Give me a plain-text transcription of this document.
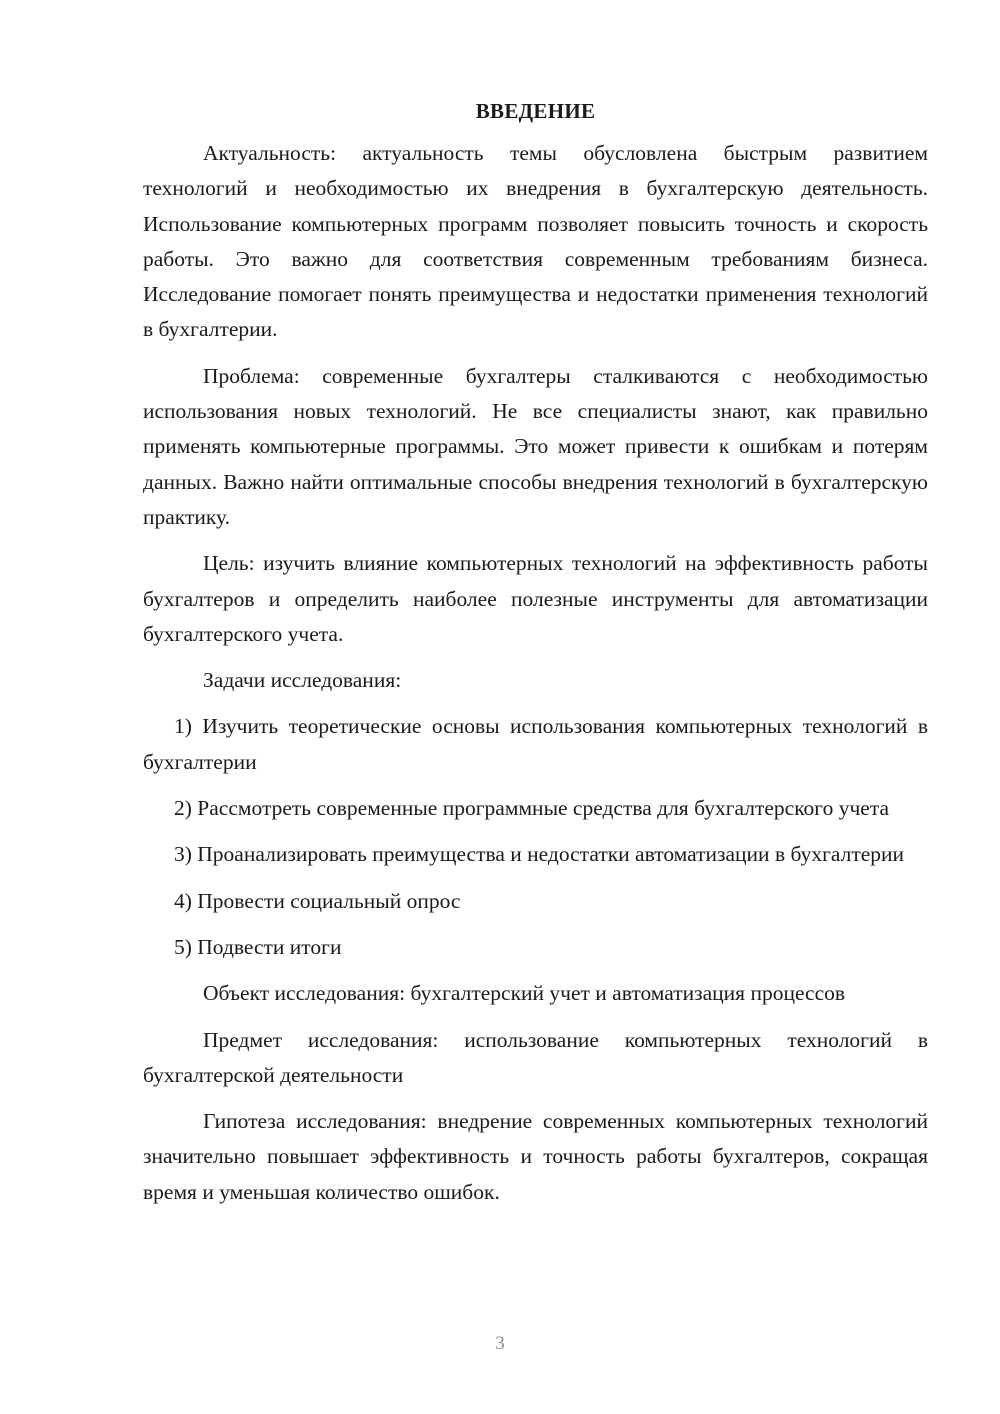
ВВЕДЕНИЕ

Актуальность: актуальность темы обусловлена быстрым развитием технологий и необходимостью их внедрения в бухгалтерскую деятельность. Использование компьютерных программ позволяет повысить точность и скорость работы. Это важно для соответствия современным требованиям бизнеса. Исследование помогает понять преимущества и недостатки применения технологий в бухгалтерии.

Проблема: современные бухгалтеры сталкиваются с необходимостью использования новых технологий. Не все специалисты знают, как правильно применять компьютерные программы. Это может привести к ошибкам и потерям данных. Важно найти оптимальные способы внедрения технологий в бухгалтерскую практику.

Цель: изучить влияние компьютерных технологий на эффективность работы бухгалтеров и определить наиболее полезные инструменты для автоматизации бухгалтерского учета.

Задачи исследования:

1) Изучить теоретические основы использования компьютерных технологий в бухгалтерии

2) Рассмотреть современные программные средства для бухгалтерского учета

3) Проанализировать преимущества и недостатки автоматизации в бухгалтерии

4) Провести социальный опрос

5) Подвести итоги

Объект исследования: бухгалтерский учет и автоматизация процессов

Предмет исследования: использование компьютерных технологий в бухгалтерской деятельности

Гипотеза исследования: внедрение современных компьютерных технологий значительно повышает эффективность и точность работы бухгалтеров, сокращая время и уменьшая количество ошибок.

3
